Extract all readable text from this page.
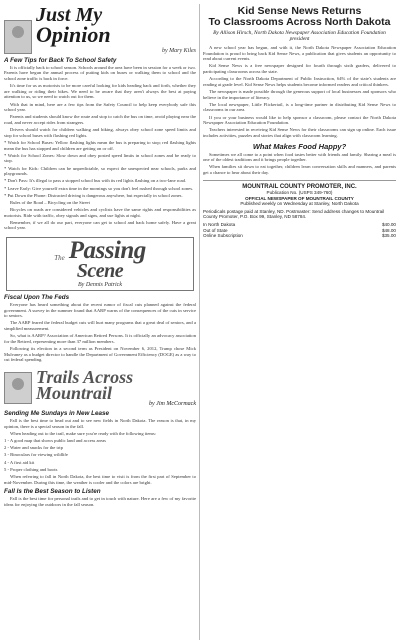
Just My
Opinion
by Mary Kiles
A Few Tips for Back To School Safety

It is officially back to school season. Schools around the area have been in session for a week or two. Parents have begun the annual process of putting kids on buses or walking them to school and the school zone traffic is back in force.

It's time for us as motorists to be more careful looking for kids heading back and forth, whether they are walking or riding their bikes. We need to be aware that they aren't always the best at paying attention to us, so we need to watch out for them.

With that in mind, here are a few tips from the Safety Council to help keep everybody safe this school year.

Parents and students should know the route and stop to catch the bus on time, avoid playing near the road, and never accept rides from strangers.

Drivers should watch for children walking and biking, always obey school zone speed limits and stop for school buses with flashing red lights.

* Watch for School Buses: Yellow flashing lights mean the bus is preparing to stop; red flashing lights mean the bus has stopped and children are getting on or off.

* Watch for School Zones: Slow down and obey posted speed limits in school zones and be ready to stop.

* Watch for Kids: Children can be unpredictable, so expect the unexpected near schools, parks and playgrounds.

* Don't Pass: It's illegal to pass a stopped school bus with its red lights flashing on a two-lane road.

* Leave Early: Give yourself extra time in the mornings so you don't feel rushed through school zones.

* Put Down the Phone: Distracted driving is dangerous anywhere, but especially in school zones.

Rules of the Road – Bicycling on the Street

Bicycles on roads are considered vehicles and cyclists have the same rights and responsibilities as motorists. Ride with traffic, obey signals and signs, and use lights at night.

Remember, if we all do our part, everyone can get to school and back home safely. Have a great school year.

The Passing
Scene
By Dennis Patrick
Fiscal Upon The Feds

Everyone has heard something about the recent rumor of fiscal cuts planned against the federal government. A survey in the summer found that AARP warns of the consequences of the cuts in service to seniors.

The AARP feared the federal budget cuts will hurt many programs that a great deal of seniors, and a simplified measurement.

So, what is AARP? Association of American Retired Persons. It is officially an advocacy association for the Retired, representing more than 37 million members.

Following its election in a second term as President on November 6, 2012, Trump chose Mick Mulvaney as a budget director to handle the Department of Government Efficiency (DOGE) as a way to cut federal spending.

Trails Across
Mountrail
by Jim McCormack
Sending Me Sundays in New Lease

Fall is the best time to head out and to see new fields in North Dakota. The reason is that, in my opinion, there is a special season in the fall.

When heading out to the trail, make sure you're ready with the following items:

1 - A good map that shows public land and access areas

2 - Water and snacks for the trip

3 - Binoculars for viewing wildlife

4 - A first aid kit

5 - Proper clothing and boots

When referring to fall in North Dakota, the best time to visit is from the first part of September to mid-November. During this time, the weather is cooler and the colors are bright.

Fall Is the Best Season to Listen

Fall is the best time for personal trails and to get in touch with nature. Here are a few of my favorite ideas for enjoying the outdoors in the fall season.

Kid Sense News Returns
To Classrooms Across North Dakota
By Allison Hirsch, North Dakota Newspaper Association Education Foundation president

A new school year has begun, and with it, the North Dakota Newspaper Association Education Foundation is proud to bring back Kid Sense News, a publication that gives students an opportunity to read about current events.

Kid Sense News is a free newspaper designed for fourth through sixth graders, delivered to participating classrooms across the state.

According to the North Dakota Department of Public Instruction, 64% of the state's students are reading at grade level. Kid Sense News helps students become informed readers and critical thinkers.

The newspaper is made possible through the generous support of local businesses and sponsors who believe in the importance of literacy.

The local newspaper, Little Flickertail, is a long-time partner in distributing Kid Sense News to classrooms in our area.

If you or your business would like to help sponsor a classroom, please contact the North Dakota Newspaper Association Education Foundation.

Teachers interested in receiving Kid Sense News for their classrooms can sign up online. Each issue includes activities, puzzles and stories that align with classroom learning.

What Makes Food Happy?

Sometimes we all come to a point when food tastes better with friends and family. Sharing a meal is one of the oldest traditions and it brings people together.

When families sit down to eat together, children learn conversation skills and manners, and parents get a chance to hear about their day.

MOUNTRAIL COUNTY PROMOTER, INC.
Publication No. (USPS 349-760)
OFFICIAL NEWSPAPER OF MOUNTRAIL COUNTY
Published weekly on Wednesday at Stanley, North Dakota
Periodicals postage paid at Stanley, ND. Postmaster: Send address changes to Mountrail County Promoter, P.O. Box 99, Stanley, ND 58784.
In North Dakota	$40.00
Out of State	$48.00
Online Subscription	$35.00
